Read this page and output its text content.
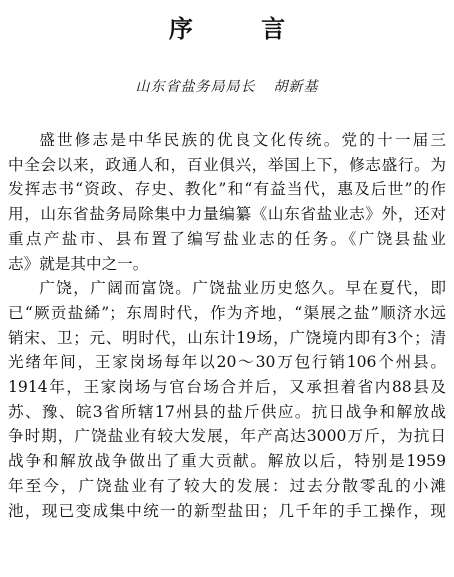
序 言
山东省盐务局局长 胡新基

盛世修志是中华民族的优良文化传统。党的十一届三
中全会以来，政通人和，百业俱兴，举国上下，修志盛行。为
发挥志书“资政、存史、教化”和“有益当代，惠及后世”的作
用，山东省盐务局除集中力量编纂《山东省盐业志》外，还对
重点产盐市、县布置了编写盐业志的任务。《广饶县盐业
志》就是其中之一。

广饶，广阔而富饶。广饶盐业历史悠久。早在夏代，即
已“厥贡盐絺”；东周时代，作为齐地，“渠展之盐”顺济水远
销宋、卫；元、明时代，山东计19场，广饶境内即有3个；清
光绪年间，王家岗场每年以20～30万包行销106个州县。
1914年，王家岗场与官台场合并后，又承担着省内88县及
苏、豫、皖3省所辖17州县的盐斤供应。抗日战争和解放战
争时期，广饶盐业有较大发展，年产高达3000万斤，为抗日
战争和解放战争做出了重大贡献。解放以后，特别是1959
年至今，广饶盐业有了较大的发展：过去分散零乱的小滩
池，现已变成集中统一的新型盐田；几千年的手工操作，现
